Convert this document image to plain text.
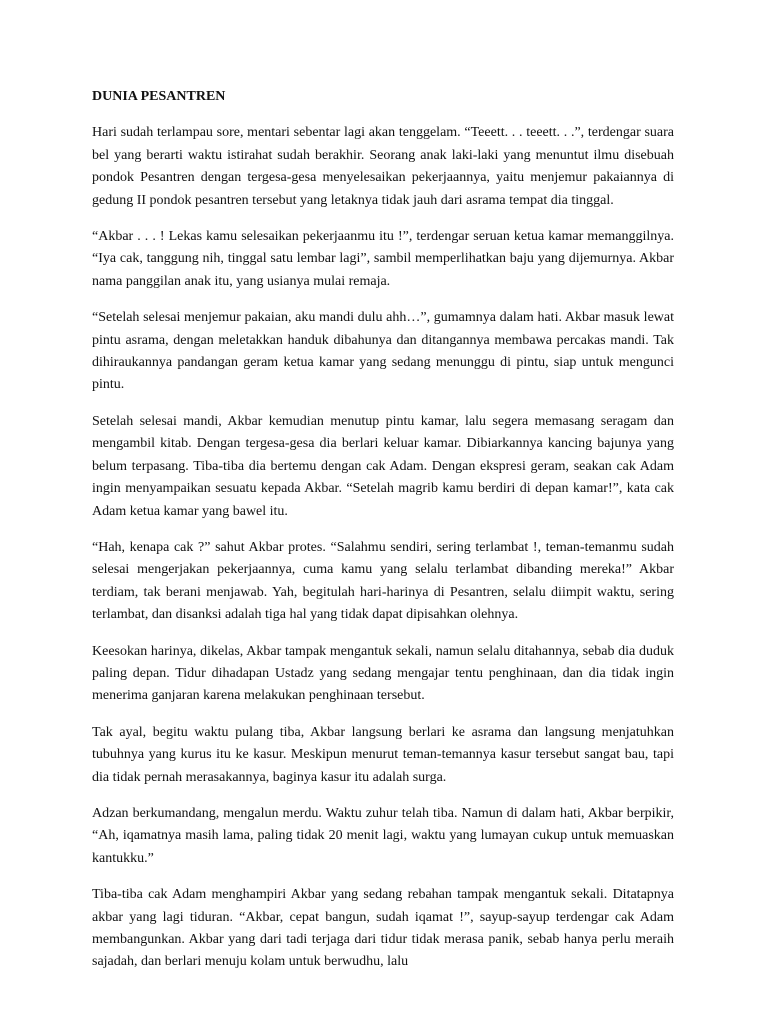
DUNIA PESANTREN

Hari sudah terlampau sore, mentari sebentar lagi akan tenggelam. “Teeett. . . teeett. . .”, terdengar suara bel yang berarti waktu istirahat sudah berakhir. Seorang anak laki-laki yang menuntut ilmu disebuah pondok Pesantren dengan tergesa-gesa menyelesaikan pekerjaannya, yaitu menjemur pakaiannya di gedung II pondok pesantren tersebut yang letaknya tidak jauh dari asrama tempat dia tinggal.

“Akbar . . . ! Lekas kamu selesaikan pekerjaanmu itu !”, terdengar seruan ketua kamar memanggilnya. “Iya cak, tanggung nih, tinggal satu lembar lagi”, sambil memperlihatkan baju yang dijemurnya. Akbar nama panggilan anak itu, yang usianya mulai remaja.

“Setelah selesai menjemur pakaian, aku mandi dulu ahh…”, gumamnya dalam hati. Akbar masuk lewat pintu asrama, dengan meletakkan handuk dibahunya dan ditangannya membawa percakas mandi. Tak dihiraukannya pandangan geram ketua kamar yang sedang menunggu di pintu, siap untuk mengunci pintu.

Setelah selesai mandi, Akbar kemudian menutup pintu kamar, lalu segera memasang seragam dan mengambil kitab. Dengan tergesa-gesa dia berlari keluar kamar. Dibiarkannya kancing bajunya yang belum terpasang. Tiba-tiba dia bertemu dengan cak Adam. Dengan ekspresi geram, seakan cak Adam ingin menyampaikan sesuatu kepada Akbar. “Setelah magrib kamu berdiri di depan kamar!”, kata cak Adam ketua kamar yang bawel itu.

“Hah, kenapa cak ?” sahut Akbar protes. “Salahmu sendiri, sering terlambat !, teman-temanmu sudah selesai mengerjakan pekerjaannya, cuma kamu yang selalu terlambat dibanding mereka!” Akbar terdiam, tak berani menjawab. Yah, begitulah hari-harinya di Pesantren, selalu diimpit waktu, sering terlambat, dan disanksi adalah tiga hal yang tidak dapat dipisahkan olehnya.

Keesokan harinya, dikelas, Akbar tampak mengantuk sekali, namun selalu ditahannya, sebab dia duduk paling depan. Tidur dihadapan Ustadz yang sedang mengajar tentu penghinaan, dan dia tidak ingin menerima ganjaran karena melakukan penghinaan tersebut.

Tak ayal, begitu waktu pulang tiba, Akbar langsung berlari ke asrama dan langsung menjatuhkan tubuhnya yang kurus itu ke kasur. Meskipun menurut teman-temannya kasur tersebut sangat bau, tapi dia tidak pernah merasakannya, baginya kasur itu adalah surga.

Adzan berkumandang, mengalun merdu. Waktu zuhur telah tiba. Namun di dalam hati, Akbar berpikir, “Ah, iqamatnya masih lama, paling tidak 20 menit lagi, waktu yang lumayan cukup untuk memuaskan kantukku.”

Tiba-tiba cak Adam menghampiri Akbar yang sedang rebahan tampak mengantuk sekali. Ditatapnya akbar yang lagi tiduran. “Akbar, cepat bangun, sudah iqamat !”, sayup-sayup terdengar cak Adam membangunkan. Akbar yang dari tadi terjaga dari tidur tidak merasa panik, sebab hanya perlu meraih sajadah, dan berlari menuju kolam untuk berwudhu, lalu
